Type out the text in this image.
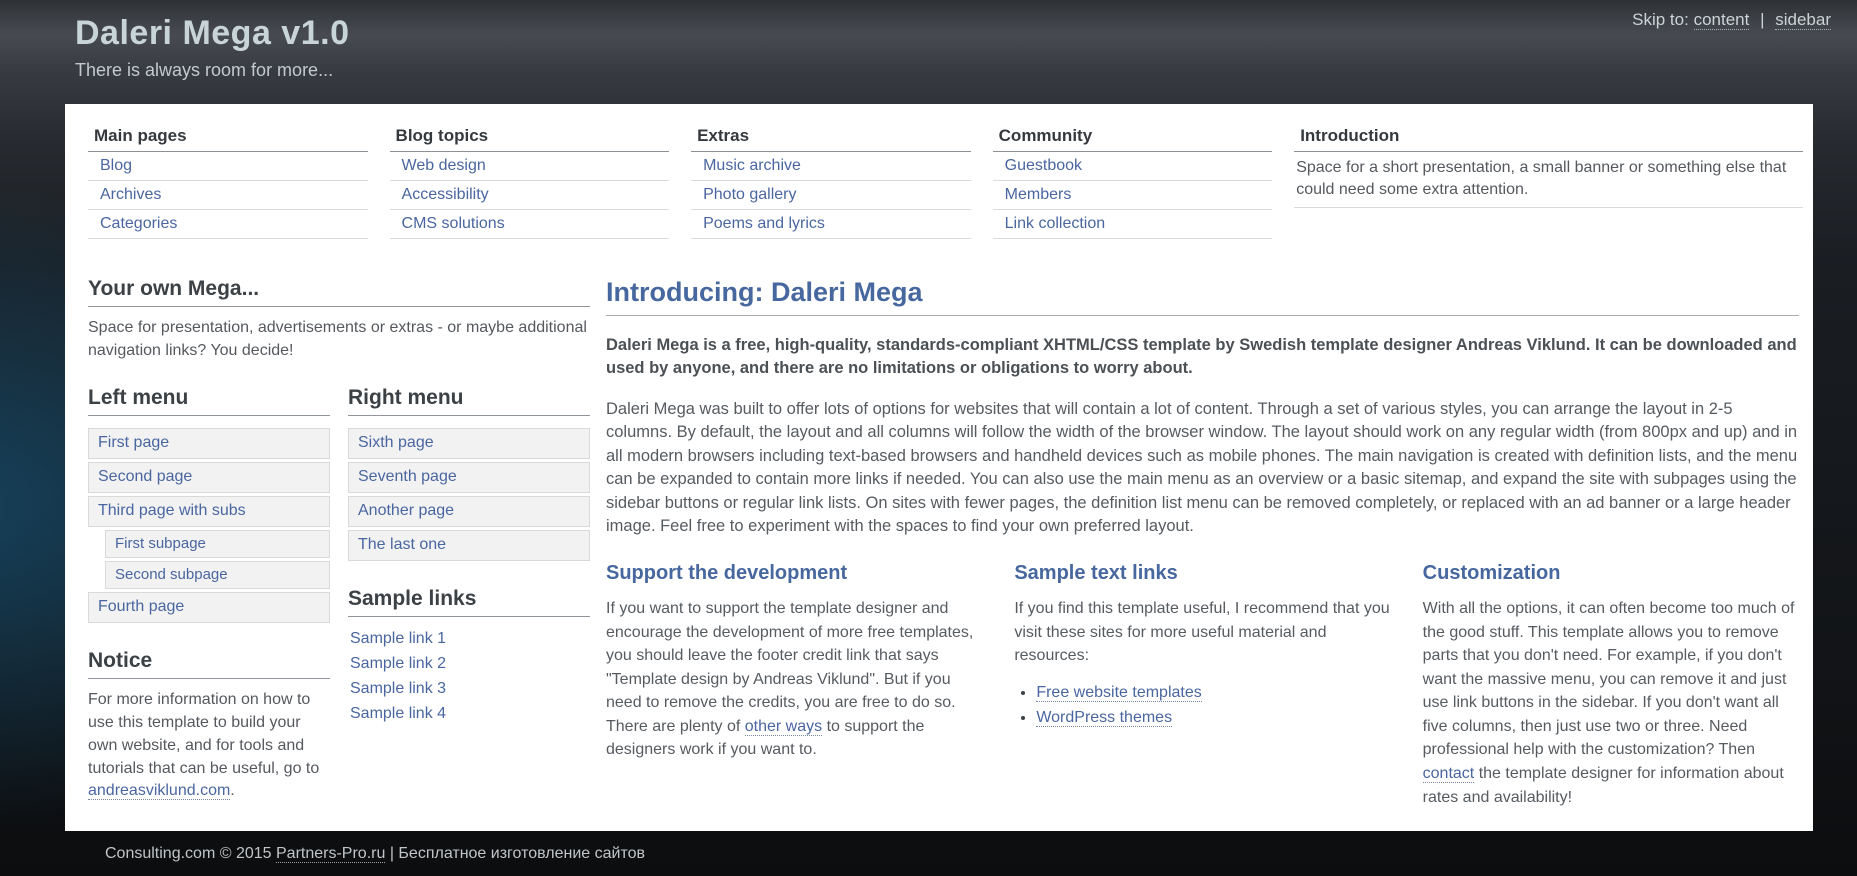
Daleri Mega v1.0
There is always room for more...
Skip to: content | sidebar
Main pages
Blog
Archives
Categories
Blog topics
Web design
Accessibility
CMS solutions
Extras
Music archive
Photo gallery
Poems and lyrics
Community
Guestbook
Members
Link collection
Introduction
Space for a short presentation, a small banner or something else that could need some extra attention.
Your own Mega...

Space for presentation, advertisements or extras - or maybe additional navigation links? You decide!

Left menu
First page
Second page
Third page with subs
First subpage
Second subpage
Fourth page
Notice

For more information on how to use this template to build your own website, and for tools and tutorials that can be useful, go to andreasviklund.com.

Right menu
Sixth page
Seventh page
Another page
The last one
Sample links
Sample link 1
Sample link 2
Sample link 3
Sample link 4
Introducing: Daleri Mega

Daleri Mega is a free, high-quality, standards-compliant XHTML/CSS template by Swedish template designer Andreas Viklund. It can be downloaded and used by anyone, and there are no limitations or obligations to worry about.

Daleri Mega was built to offer lots of options for websites that will contain a lot of content. Through a set of various styles, you can arrange the layout in 2-5 columns. By default, the layout and all columns will follow the width of the browser window. The layout should work on any regular width (from 800px and up) and in all modern browsers including text-based browsers and handheld devices such as mobile phones. The main navigation is created with definition lists, and the menu can be expanded to contain more links if needed. You can also use the main menu as an overview or a basic sitemap, and expand the site with subpages using the sidebar buttons or regular link lists. On sites with fewer pages, the definition list menu can be removed completely, or replaced with an ad banner or a large header image. Feel free to experiment with the spaces to find your own preferred layout.

Support the development

If you want to support the template designer and encourage the development of more free templates, you should leave the footer credit link that says "Template design by Andreas Viklund". But if you need to remove the credits, you are free to do so. There are plenty of other ways to support the designers work if you want to.

Sample text links

If you find this template useful, I recommend that you visit these sites for more useful material and resources:

• Free website templates
• WordPress themes
Customization

With all the options, it can often become too much of the good stuff. This template allows you to remove parts that you don't need. For example, if you don't want the massive menu, you can remove it and just use link buttons in the sidebar. If you don't want all five columns, then just use two or three. Need professional help with the customization? Then contact the template designer for information about rates and availability!

Consulting.com © 2015 Partners-Pro.ru | Бесплатное изготовление сайтов
